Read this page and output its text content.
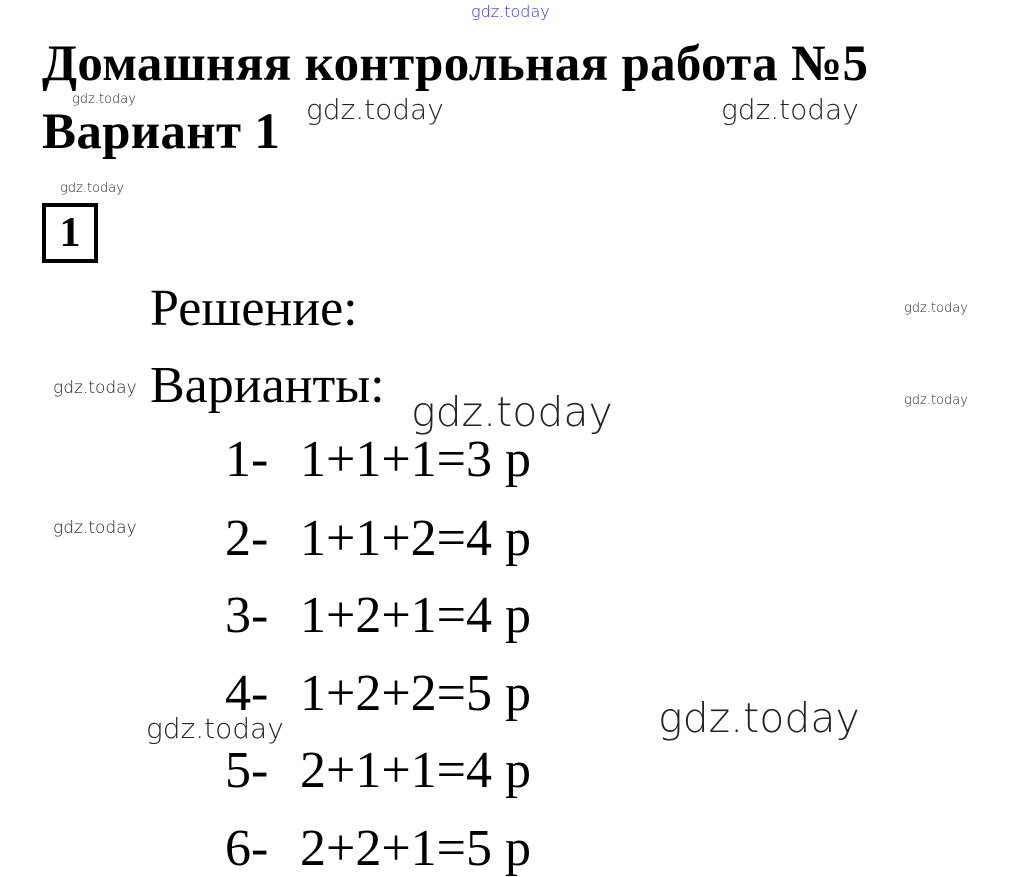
Домашняя контрольная работа №5
Вариант 1
1
Решение:
Варианты:
1- 1+1+1=3 р
2- 1+1+2=4 р
3- 1+2+1=4 р
4- 1+2+2=5 р
5- 2+1+1=4 р
6- 2+2+1=5 р
gdz.today
gdz.today	gdz.today	gdz.today
gdz.today
gdz.today
gdz.today
gdz.today
gdz.today
gdz.today
gdz.today
gdz.today
